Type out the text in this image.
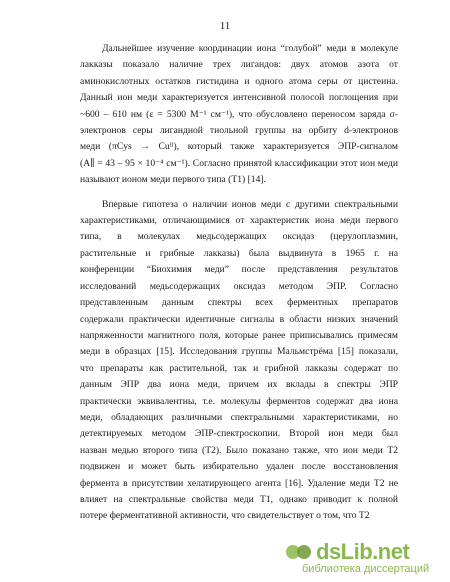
11
Дальнейшее изучение координации иона “голубой” меди в молекуле
лакказы показало наличие трех лигандов: двух атомов азота от
аминокислотных остатков гистидина и одного атома серы от цистеина.
Данный ион меди характеризуется интенсивной полосой поглощения при
~600 – 610 нм (ε = 5300 М⁻¹ см⁻¹), что обусловлено переносом заряда σ-
электронов серы лигандной тиольной группы на орбиту d-электронов
меди (πCys → Cuᴵᴵ), который также характеризуется ЭПР-сигналом
(A∥ = 43 – 95 × 10⁻⁴ см⁻¹). Согласно принятой классификации этот ион меди
называют ионом меди первого типа (Т1) [14].
Впервые гипотеза о наличии ионов меди с другими спектральными
характеристиками, отличающимися от характеристик иона меди первого
типа, в молекулах медьсодержащих оксидаз (церулоплазмин,
растительные и грибные лакказы) была выдвинута в 1965 г. на
конференции “Биохимия меди” после представления результатов
исследований медьсодержащих оксидаз методом ЭПР. Согласно
представленным данным спектры всех ферментных препаратов
содержали практически идентичные сигналы в области низких значений
напряженности магнитного поля, которые ранее приписывались примесям
меди в образцах [15]. Исследования группы Мальмстрёма [15] показали,
что препараты как растительной, так и грибной лакказы содержат по
данным ЭПР два иона меди, причем их вклады в спектры ЭПР
практически эквивалентны, т.е. молекулы ферментов содержат два иона
меди, обладающих различными спектральными характеристиками, но
детектируемых методом ЭПР-спектроскопии. Второй ион меди был
назван медью второго типа (Т2). Было показано также, что ион меди Т2
подвижен и может быть избирательно удален после восстановления
фермента в присутствии хелатирующего агента [16]. Удаление меди Т2 не
влияет на спектральные свойства меди Т1, однако приводит к полной
потере ферментативной активности, что свидетельствует о том, что Т2
dsLib.net
библиотека диссертаций
